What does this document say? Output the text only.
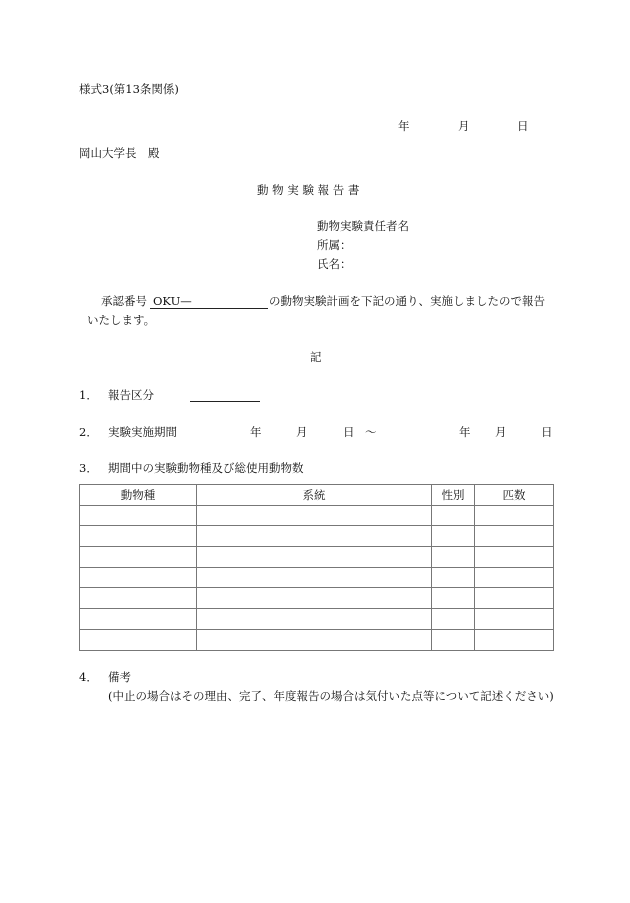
様式3(第13条関係)
年	月	日
岡山大学長　殿
動 物 実 験 報 告 書
動物実験責任者名
所属：
氏名：
承認番号 OKU—	の動物実験計画を下記の通り、実施しましたので報告
いたします。
記
1． 報告区分
2． 実験実施期間	年	月	日 〜	年 月	日
3． 期間中の実験動物種及び総使用動物数
動物種	系統	性別	匹数

4． 備考
(中止の場合はその理由、完了、年度報告の場合は気付いた点等について記述ください)
